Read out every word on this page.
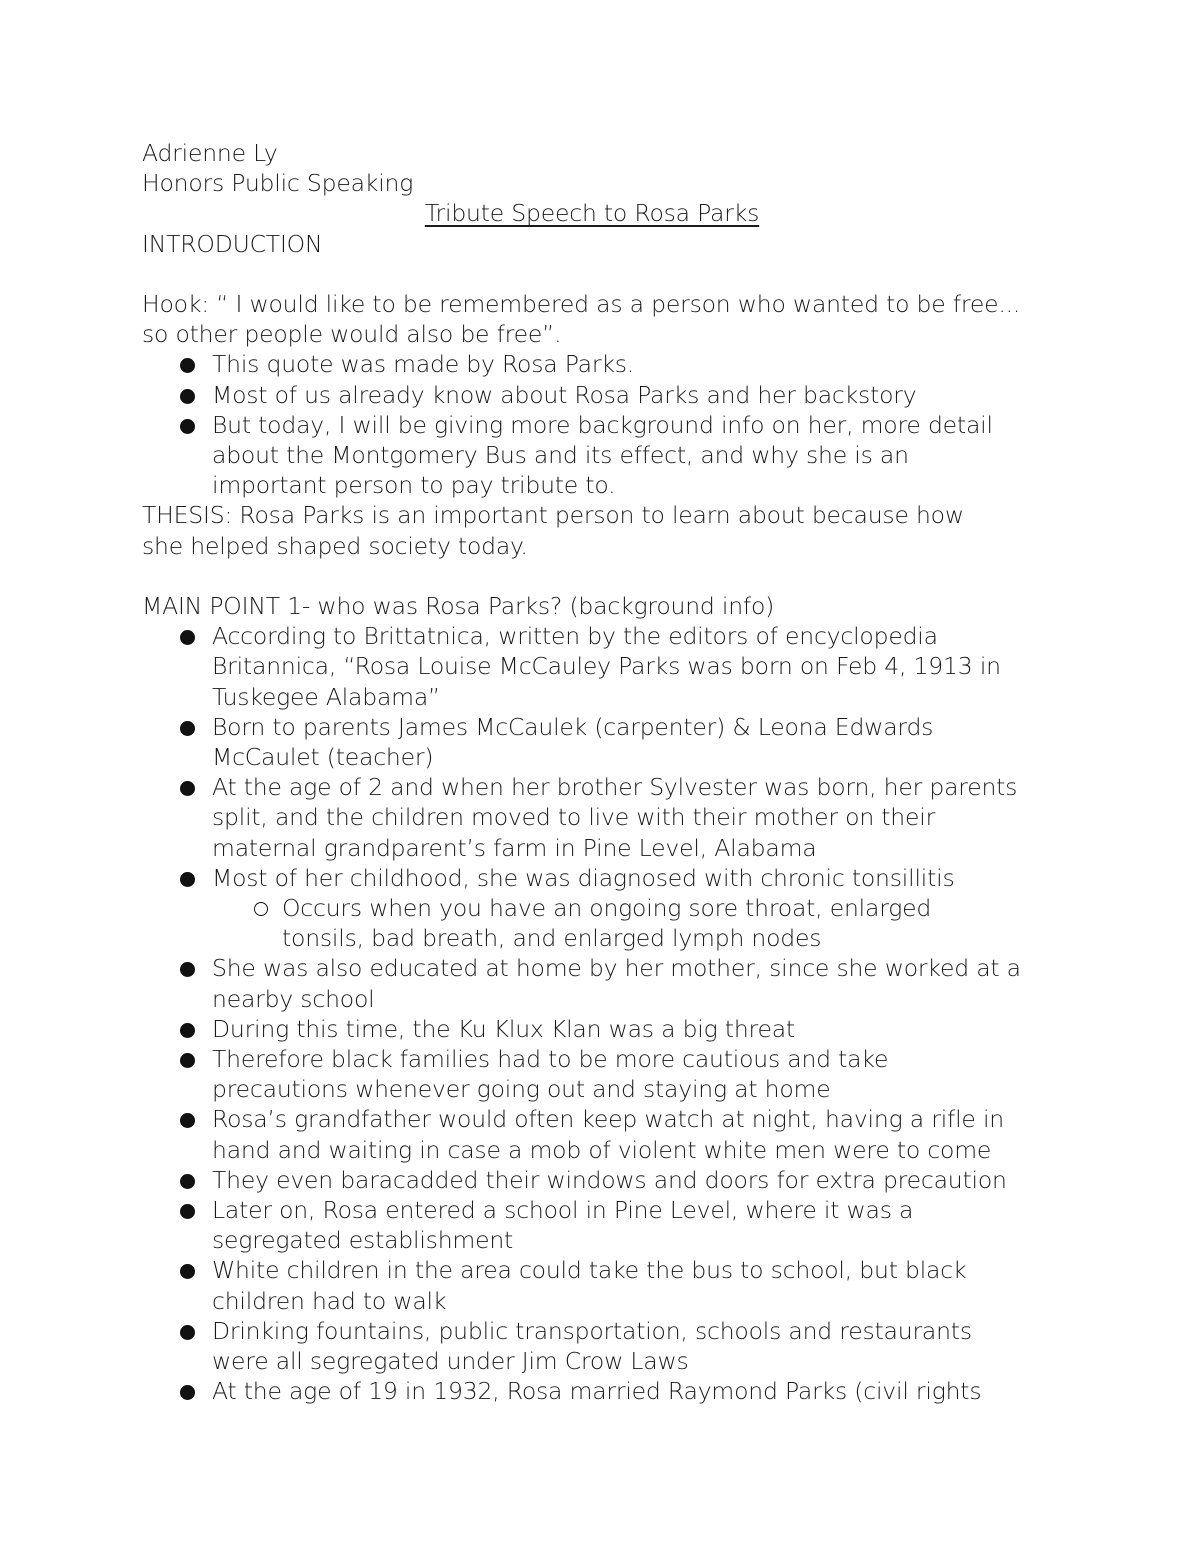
Adrienne Ly

Honors Public Speaking

Tribute Speech to Rosa Parks

INTRODUCTION

Hook: “ I would like to be remembered as a person who wanted to be free...

so other people would also be free”.

This quote was made by Rosa Parks.
Most of us already know about Rosa Parks and her backstory
But today, I will be giving more background info on her, more detail
about the Montgomery Bus and its effect, and why she is an
important person to pay tribute to.

THESIS: Rosa Parks is an important person to learn about because how

she helped shaped society today.

MAIN POINT 1- who was Rosa Parks? (background info)

According to Brittatnica, written by the editors of encyclopedia
Britannica, “Rosa Louise McCauley Parks was born on Feb 4, 1913 in
Tuskegee Alabama”
Born to parents James McCaulek (carpenter) & Leona Edwards
McCaulet (teacher)
At the age of 2 and when her brother Sylvester was born, her parents
split, and the children moved to live with their mother on their
maternal grandparent’s farm in Pine Level, Alabama
Most of her childhood, she was diagnosed with chronic tonsillitis
Occurs when you have an ongoing sore throat, enlarged
tonsils, bad breath, and enlarged lymph nodes
She was also educated at home by her mother, since she worked at a
nearby school
During this time, the Ku Klux Klan was a big threat
Therefore black families had to be more cautious and take
precautions whenever going out and staying at home
Rosa’s grandfather would often keep watch at night, having a rifle in
hand and waiting in case a mob of violent white men were to come
They even baracadded their windows and doors for extra precaution
Later on, Rosa entered a school in Pine Level, where it was a
segregated establishment
White children in the area could take the bus to school, but black
children had to walk
Drinking fountains, public transportation, schools and restaurants
were all segregated under Jim Crow Laws
At the age of 19 in 1932, Rosa married Raymond Parks (civil rights
